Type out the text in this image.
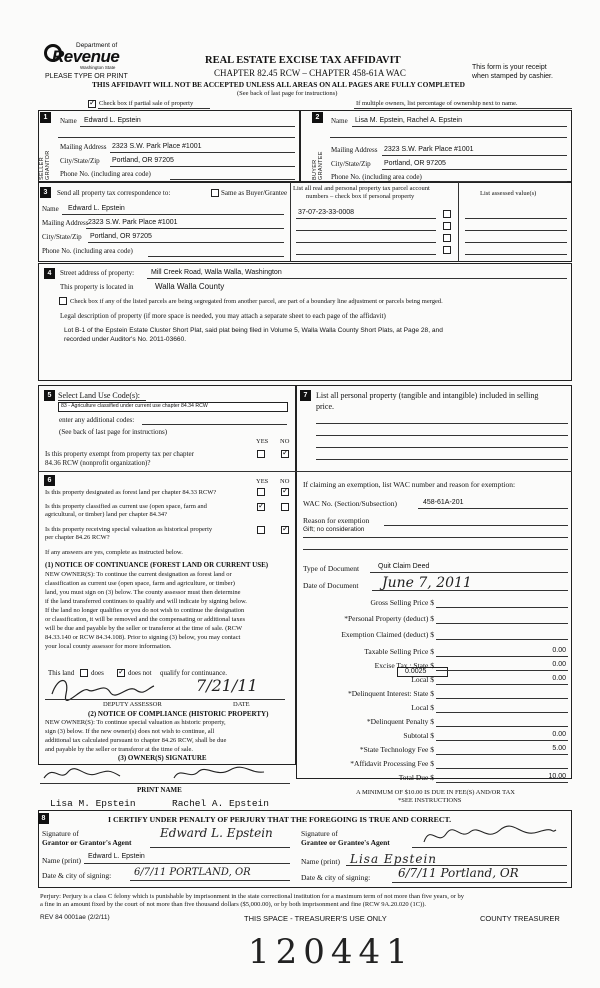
Department of
Revenue
Washington State
PLEASE TYPE OR PRINT
REAL ESTATE EXCISE TAX AFFIDAVIT
CHAPTER 82.45 RCW – CHAPTER 458-61A WAC
This form is your receipt
when stamped by cashier.
THIS AFFIDAVIT WILL NOT BE ACCEPTED UNLESS ALL AREAS ON ALL PAGES ARE FULLY COMPLETED
(See back of last page for instructions)
✓
Check box if partial sale of property	If multiple owners, list percentage of ownership next to name.
1
SELLER GRANTOR
Name Edward L. Epstein
Mailing Address 2323 S.W. Park Place #1001
City/State/Zip Portland, OR 97205
Phone No. (including area code)
2
BUYER GRANTEE
Name Lisa M. Epstein, Rachel A. Epstein
Mailing Address 2323 S.W. Park Place #1001
City/State/Zip Portland, OR 97205
Phone No. (including area code)
3	Send all property tax correspondence to:	Same as Buyer/Grantee
List all real and personal property tax parcel account
numbers – check box if personal property	List assessed value(s)
Name Edward L. Epstein
Mailing Address 2323 S.W. Park Place #1001
City/State/Zip Portland, OR 97205
Phone No. (including area code)
37-07-23-33-0008
4	Street address of property: Mill Creek Road, Walla Walla, Washington
This property is located in	Walla Walla County
Check box if any of the listed parcels are being segregated from another parcel, are part of a boundary line adjustment or parcels being merged.
Legal description of property (if more space is needed, you may attach a separate sheet to each page of the affidavit)
Lot B-1 of the Epstein Estate Cluster Short Plat, said plat being filed in Volume 5, Walla Walla County Short Plats, at Page 28, and
recorded under Auditor's No. 2011-03660.
5 Select Land Use Code(s):
83 - Agriculture classified under current use chapter 84.34 RCW
enter any additional codes:
(See back of last page for instructions)
YES NO
Is this property exempt from property tax per chapter
84.36 RCW (nonprofit organization)?
✓
6	YES NO
Is this property designated as forest land per chapter 84.33 RCW?
✓
Is this property classified as current use (open space, farm and
agricultural, or timber) land per chapter 84.34?
✓
Is this property receiving special valuation as historical property
per chapter 84.26 RCW?
✓
If any answers are yes, complete as instructed below.
(1) NOTICE OF CONTINUANCE (FOREST LAND OR CURRENT USE)
This land does
✓	does not qualify for continuance.
7/21/11
DEPUTY ASSESSOR	DATE
(2) NOTICE OF COMPLIANCE (HISTORIC PROPERTY)
(3) OWNER(S) SIGNATURE
PRINT NAME
Lisa M. Epstein	Rachel A. Epstein
7	List all personal property (tangible and intangible) included in selling
price.
If claiming an exemption, list WAC number and reason for exemption:
WAC No. (Section/Subsection)	458-61A-201
Reason for exemption
Gift; no consideration
Type of Document	Quit Claim Deed
Date of Document June 7, 2011
0.0025
A MINIMUM OF $10.00 IS DUE IN FEE(S) AND/OR TAX
*SEE INSTRUCTIONS
8	I CERTIFY UNDER PENALTY OF PERJURY THAT THE FOREGOING IS TRUE AND CORRECT.
Signature of
Grantor or Grantor's Agent
Edward L. Epstein
Name (print) Edward L. Epstein
Date & city of signing: 6/7/11 PORTLAND, OR
Signature of
Grantee or Grantee's Agent
Name (print) Lisa Epstein
Date & city of signing: 6/7/11 Portland, OR
Perjury: Perjury is a class C felony which is punishable by imprisonment in the state correctional institution for a maximum term of not more than five years, or by
a fine in an amount fixed by the court of not more than five thousand dollars ($5,000.00), or by both imprisonment and fine (RCW 9A.20.020 (1C)).
REV 84 0001ae (2/2/11)	THIS SPACE - TREASURER'S USE ONLY	COUNTY TREASURER
120441
NEW OWNER(S): To continue the current designation as forest land or
classification as current use (open space, farm and agriculture, or timber)
land, you must sign on (3) below. The county assessor must then determine
if the land transferred continues to qualify and will indicate by signing below.
If the land no longer qualifies or you do not wish to continue the designation
or classification, it will be removed and the compensating or additional taxes
will be due and payable by the seller or transferor at the time of sale. (RCW
84.33.140 or RCW 84.34.108). Prior to signing (3) below, you may contact
your local county assessor for more information.
NEW OWNER(S): To continue special valuation as historic property,
sign (3) below. If the new owner(s) does not wish to continue, all
additional tax calculated pursuant to chapter 84.26 RCW, shall be due
and payable by the seller or transferor at the time of sale.
Gross Selling Price $
*Personal Property (deduct) $
Exemption Claimed (deduct) $
Taxable Selling Price $	0.00
Excise Tax : State $	0.00
Local $	0.00
*Delinquent Interest: State $
Local $
*Delinquent Penalty $
Subtotal $	0.00
*State Technology Fee $	5.00
*Affidavit Processing Fee $
Total Due $	10.00
